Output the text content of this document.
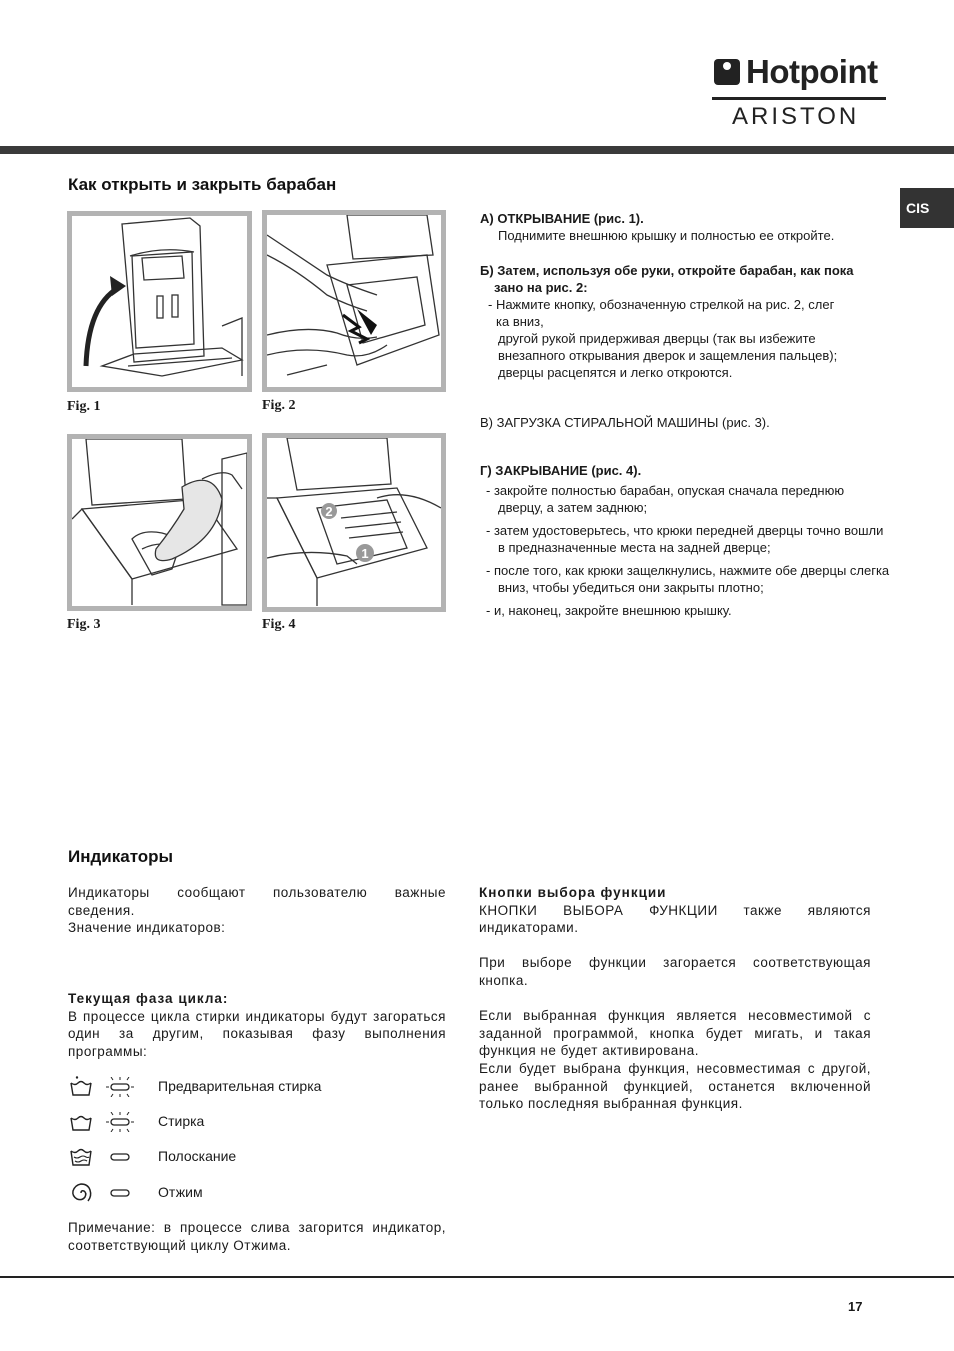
Hotpoint
ARISTON
CIS
Как открыть и закрыть барабан
Fig. 1	Fig. 2
Fig. 3
2
1
Fig. 4
А) ОТКРЫВАНИЕ (рис. 1).
Поднимите внешнюю крышку и полностью ее откройте.
Б) Затем, используя обе руки, откройте барабан, как пока
зано на рис. 2:
- Нажмите кнопку, обозначенную стрелкой на рис. 2, слег
ка вниз,
другой рукой придерживая дверцы (так вы избежите
внезапного открывания дверок и защемления пальцев);
дверцы расцепятся и легко откроются.
В) ЗАГРУЗКА СТИРАЛЬНОЙ МАШИНЫ (рис. 3).
Г) ЗАКРЫВАНИЕ (рис. 4).
- закройте полностью барабан, опуская сначала переднюю дверцу, а затем заднюю;
- затем удостоверьтесь, что крюки передней дверцы точно вошли в предназначенные места на задней дверце;
- после того, как крюки защелкнулись, нажмите обе дверцы слегка вниз, чтобы убедиться они закрыты плотно;
- и, наконец, закройте внешнюю крышку.
Индикаторы
Индикаторы сообщают пользователю важные сведения.
Значение индикаторов:
Текущая фаза цикла:
В процессе цикла стирки индикаторы будут загораться один за другим, показывая фазу выполнения программы:
Предварительная стирка
Стирка
Полоскание
Отжим
Примечание: в процессе слива загорится индикатор, соответствующий циклу Отжима.
Кнопки выбора функции
КНОПКИ ВЫБОРА ФУНКЦИИ также являются индикаторами.
При выборе функции загорается соответствующая кнопка.
Если выбранная функция является несовместимой с заданной программой, кнопка будет мигать, и такая функция не будет активирована.
Если будет выбрана функция, несовместимая с другой, ранее выбранной функцией, останется включенной только последняя выбранная функция.
17
